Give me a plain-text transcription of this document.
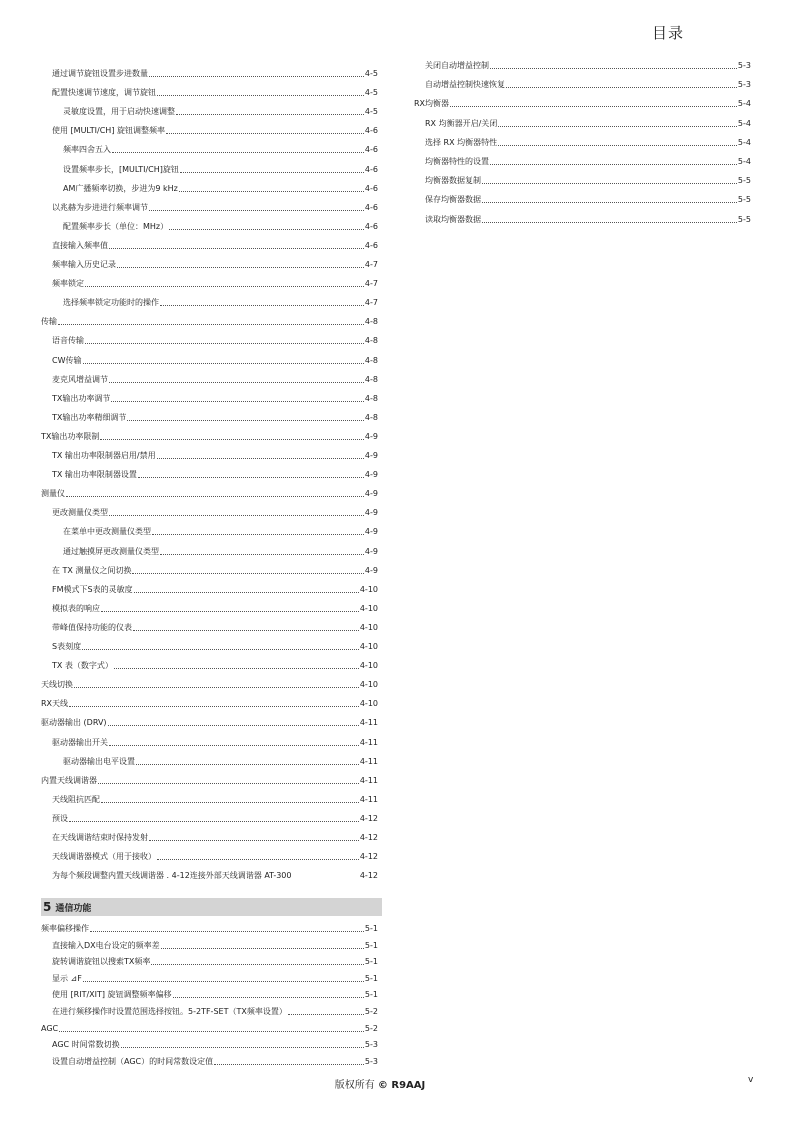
目录
5 通信功能
版权所有 © R9AAJ	v
通过调节旋钮设置步进数量	4-5
配置快速调节速度，调节旋钮	4-5
灵敏度设置，用于启动快速调整	4-5
使用 [MULTI/CH] 旋钮调整频率	4-6
频率四舍五入	4-6
设置频率步长，[MULTI/CH]旋钮	4-6
AM广播频率切换，步进为9 kHz	4-6
以兆赫为步进进行频率调节	4-6
配置频率步长（单位：MHz）	4-6
直接输入频率值	4-6
频率输入历史记录	4-7
频率锁定	4-7
选择频率锁定功能时的操作	4-7
传输	4-8
语音传输	4-8
CW传输	4-8
麦克风增益调节	4-8
TX输出功率调节	4-8
TX输出功率精细调节	4-8
TX输出功率限制	4-9
TX 输出功率限制器启用/禁用	4-9
TX 输出功率限制器设置	4-9
测量仪	4-9
更改测量仪类型	4-9
在菜单中更改测量仪类型	4-9
通过触摸屏更改测量仪类型	4-9
在 TX 测量仪之间切换	4-9
FM模式下S表的灵敏度	4-10
模拟表的响应	4-10
带峰值保持功能的仪表	4-10
S表刻度	4-10
TX 表（数字式）	4-10
天线切换	4-10
RX天线	4-10
驱动器输出 (DRV)	4-11
驱动器输出开关	4-11
驱动器输出电平设置	4-11
内置天线调谐器	4-11
天线阻抗匹配	4-11
预设	4-12
在天线调谐结束时保持发射	4-12
天线调谐器模式（用于接收）	4-12
为每个频段调整内置天线调谐器 . 4-12连接外部天线调谐器 AT-300	4-12
频率偏移操作	5-1
直接输入DX电台设定的频率差	5-1
旋转调谐旋钮以搜索TX频率	5-1
显示 ⊿F	5-1
使用 [RIT/XIT] 旋钮调整频率偏移	5-1
在进行频移操作时设置范围选择按钮。5-2TF-SET（TX频率设置）	5-2
AGC	5-2
AGC 时间常数切换	5-3
设置自动增益控制（AGC）的时间常数设定值	5-3
关闭自动增益控制	5-3
自动增益控制快速恢复	5-3
RX均衡器	5-4
RX 均衡器开启/关闭	5-4
选择 RX 均衡器特性	5-4
均衡器特性的设置	5-4
均衡器数据复制	5-5
保存均衡器数据	5-5
读取均衡器数据	5-5
